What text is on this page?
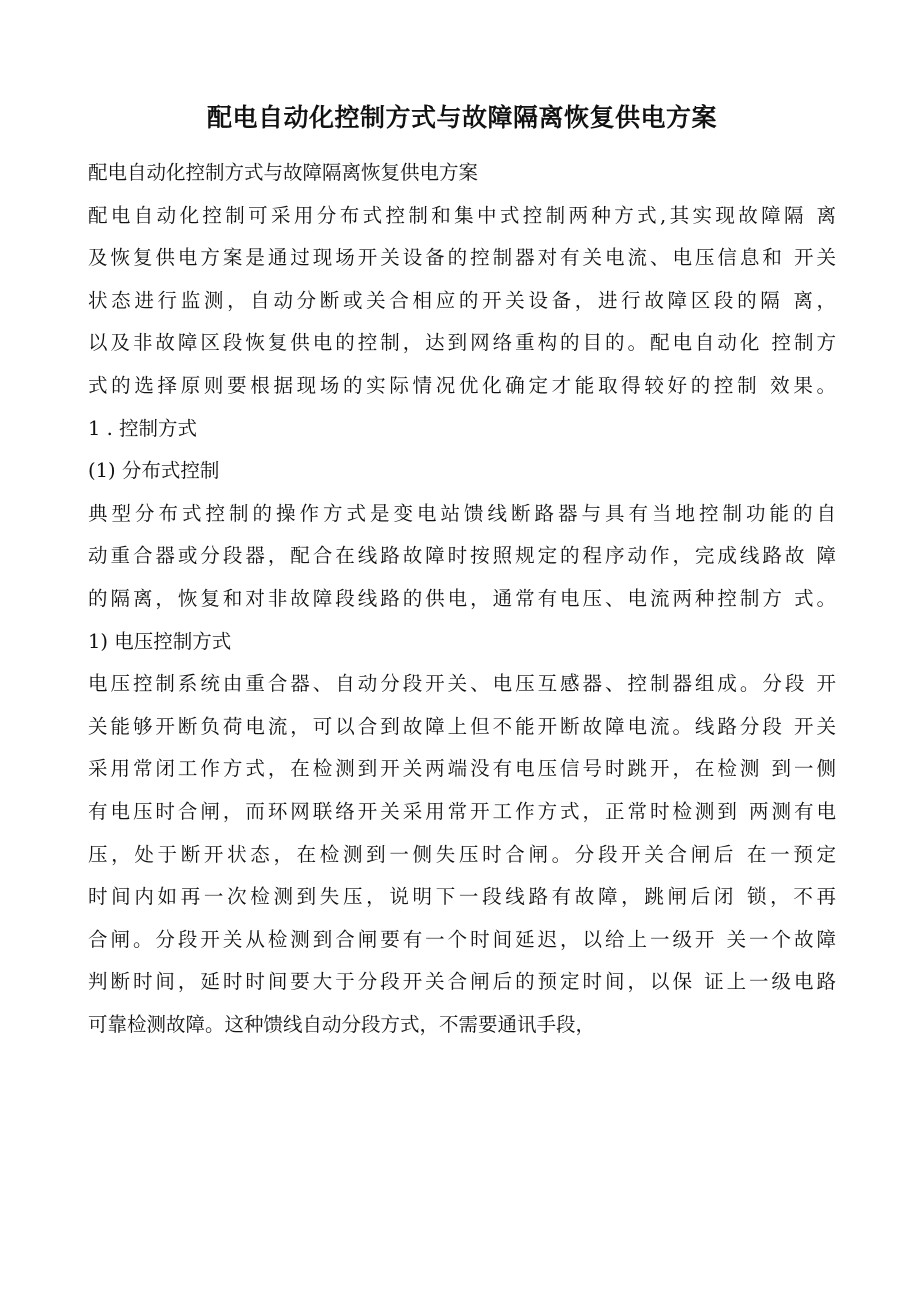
配电自动化控制方式与故障隔离恢复供电方案
配电自动化控制方式与故障隔离恢复供电方案
配电自动化控制可采用分布式控制和集中式控制两种方式,其实现故障隔 离
及恢复供电方案是通过现场开关设备的控制器对有关电流、电压信息和 开关
状态进行监测，自动分断或关合相应的开关设备，进行故障区段的隔 离，
以及非故障区段恢复供电的控制，达到网络重构的目的。配电自动化 控制方
式的选择原则要根据现场的实际情况优化确定才能取得较好的控制 效果。
1 . 控制方式
(1) 分布式控制
典型分布式控制的操作方式是变电站馈线断路器与具有当地控制功能的自
动重合器或分段器，配合在线路故障时按照规定的程序动作，完成线路故 障
的隔离，恢复和对非故障段线路的供电，通常有电压、电流两种控制方 式。
1) 电压控制方式
电压控制系统由重合器、自动分段开关、电压互感器、控制器组成。分段 开
关能够开断负荷电流，可以合到故障上但不能开断故障电流。线路分段 开关
采用常闭工作方式，在检测到开关两端没有电压信号时跳开，在检测 到一侧
有电压时合闸，而环网联络开关采用常开工作方式，正常时检测到 两测有电
压，处于断开状态，在检测到一侧失压时合闸。分段开关合闸后 在一预定
时间内如再一次检测到失压，说明下一段线路有故障，跳闸后闭 锁，不再
合闸。分段开关从检测到合闸要有一个时间延迟，以给上一级开 关一个故障
判断时间，延时时间要大于分段开关合闸后的预定时间，以保 证上一级电路
可靠检测故障。这种馈线自动分段方式，不需要通讯手段，
